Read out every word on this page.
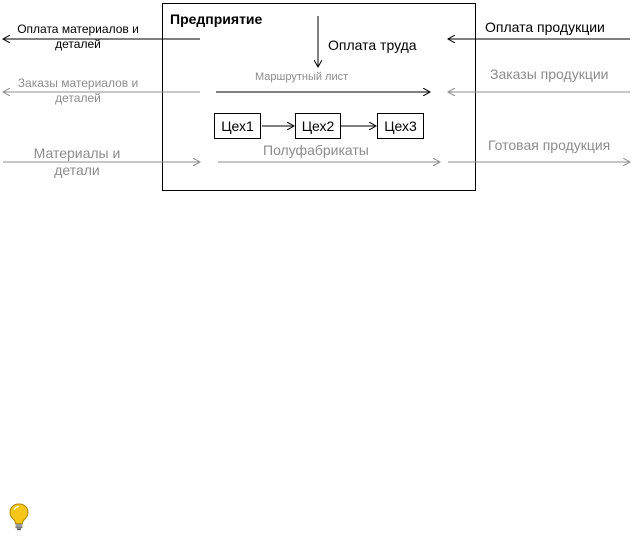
Предприятие
Оплата материалов и деталей
Заказы материалов и деталей
Материалы и детали
Оплата труда
Маршрутный лист
Полуфабрикаты
Оплата продукции
Заказы продукции
Готовая продукция
Цех1	Цех2	Цех3
